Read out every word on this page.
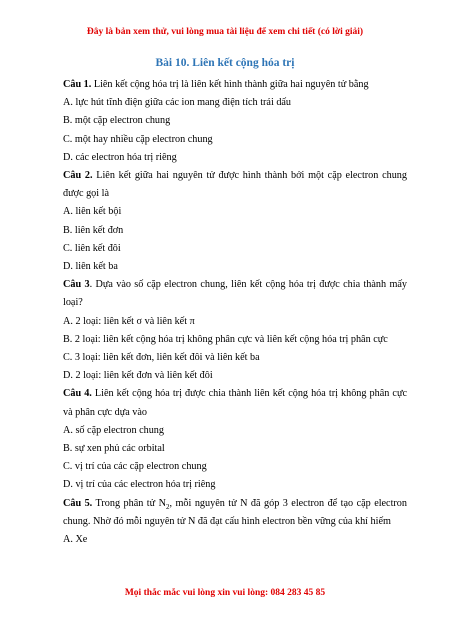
Đây là bản xem thử, vui lòng mua tài liệu để xem chi tiết (có lời giải)
Bài 10. Liên kết cộng hóa trị

Câu 1. Liên kết cộng hóa trị là liên kết hình thành giữa hai nguyên tử bằng

A. lực hút tĩnh điện giữa các ion mang điện tích trái dấu

B. một cặp electron chung

C. một hay nhiều cặp electron chung

D. các electron hóa trị riêng

Câu 2. Liên kết giữa hai nguyên tử được hình thành bởi một cặp electron chung được gọi là

A. liên kết bội

B. liên kết đơn

C. liên kết đôi

D. liên kết ba

Câu 3. Dựa vào số cặp electron chung, liên kết cộng hóa trị được chia thành mấy loại?

A. 2 loại: liên kết σ và liên kết π

B. 2 loại: liên kết cộng hóa trị không phân cực và liên kết cộng hóa trị phân cực

C. 3 loại: liên kết đơn, liên kết đôi và liên kết ba

D. 2 loại: liên kết đơn và liên kết đôi

Câu 4. Liên kết cộng hóa trị được chia thành liên kết cộng hóa trị không phân cực và phân cực dựa vào

A. số cặp electron chung

B. sự xen phủ các orbital

C. vị trí của các cặp electron chung

D. vị trí của các electron hóa trị riêng

Câu 5. Trong phân tử $N_2$, mỗi nguyên tử N đã góp 3 electron để tạo cặp electron chung. Nhờ đó mỗi nguyên tử N đã đạt cấu hình electron bền vững của khí hiếm

A. Xe

Mọi thắc mắc vui lòng xin vui lòng: 084 283 45 85
